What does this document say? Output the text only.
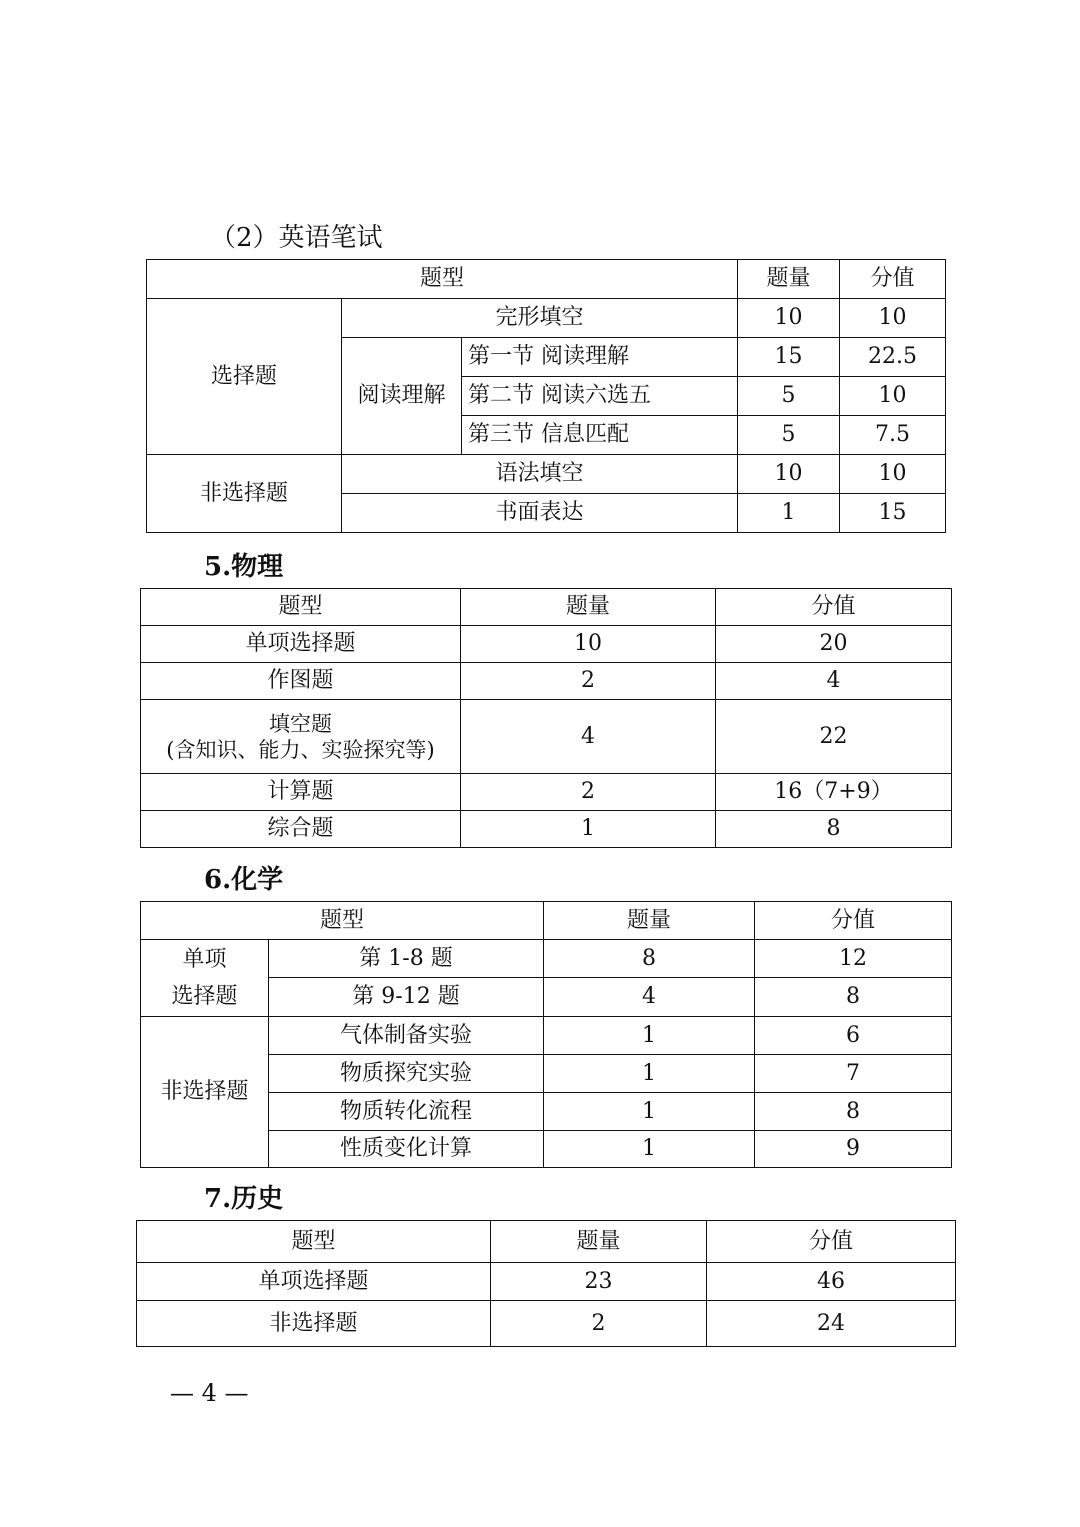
（2）英语笔试
题型			题量	分值
选择题	完形填空		10	10
	阅读理解	第一节 阅读理解	15	22.5
		第二节 阅读六选五	5	10
		第三节 信息匹配	5	7.5
非选择题	语法填空		10	10
	书面表达		1	15
5.物理
题型	题量	分值
单项选择题	10	20
作图题	2	4

填空题
(含知识、能力、实验探究等)	4	22
计算题	2	16（7+9）
综合题	1	8
6.化学
题型		题量	分值

单项
选择题	第 1-8 题	8	12
	第 9-12 题	4	8
非选择题	气体制备实验	1	6
	物质探究实验	1	7
	物质转化流程	1	8
	性质变化计算	1	9
7.历史
题型	题量	分值
单项选择题	23	46
非选择题	2	24
— 4 —
